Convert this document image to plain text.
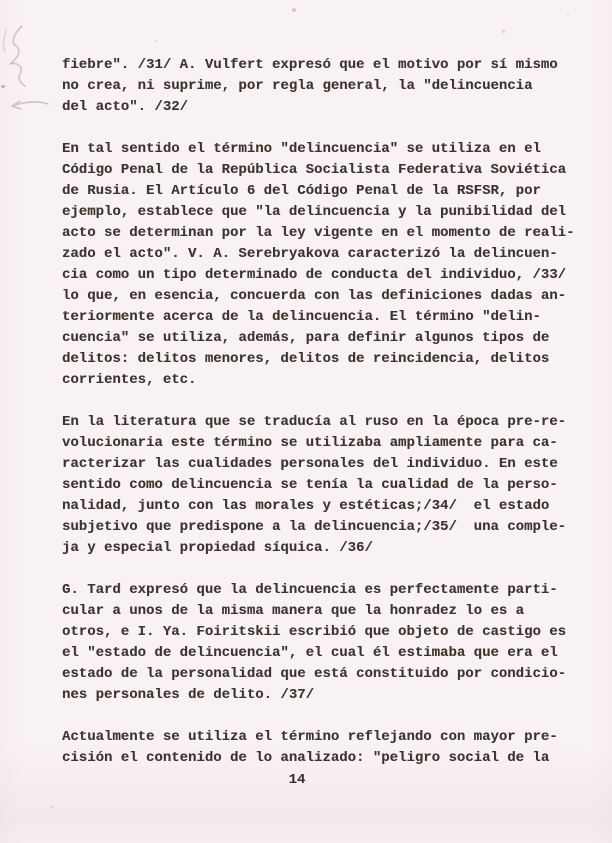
fiebre". /31/ A. Vulfert expresó que el motivo por sí mismo
no crea, ni suprime, por regla general, la "delincuencia
del acto". /32/
En tal sentido el término "delincuencia" se utiliza en el
Código Penal de la República Socialista Federativa Soviética
de Rusia. El Artículo 6 del Código Penal de la RSFSR, por
ejemplo, establece que "la delincuencia y la punibilidad del
acto se determinan por la ley vigente en el momento de reali-
zado el acto". V. A. Serebryakova caracterizó la delincuen-
cia como un tipo determinado de conducta del individuo, /33/
lo que, en esencia, concuerda con las definiciones dadas an-
teriormente acerca de la delincuencia. El término "delin-
cuencia" se utiliza, además, para definir algunos tipos de
delitos: delitos menores, delitos de reincidencia, delitos
corrientes, etc.
En la literatura que se traducía al ruso en la época pre-re-
volucionaria este término se utilizaba ampliamente para ca-
racterizar las cualidades personales del individuo. En este
sentido como delincuencia se tenía la cualidad de la perso-
nalidad, junto con las morales y estéticas;/34/  el estado
subjetivo que predispone a la delincuencia;/35/  una comple-
ja y especial propiedad síquica. /36/
G. Tard expresó que la delincuencia es perfectamente parti-
cular a unos de la misma manera que la honradez lo es a
otros, e I. Ya. Foiritskii escribió que objeto de castigo es
el "estado de delincuencia", el cual él estimaba que era el
estado de la personalidad que está constituido por condicio-
nes personales de delito. /37/
Actualmente se utiliza el término reflejando con mayor pre-
cisión el contenido de lo analizado: "peligro social de la
14
